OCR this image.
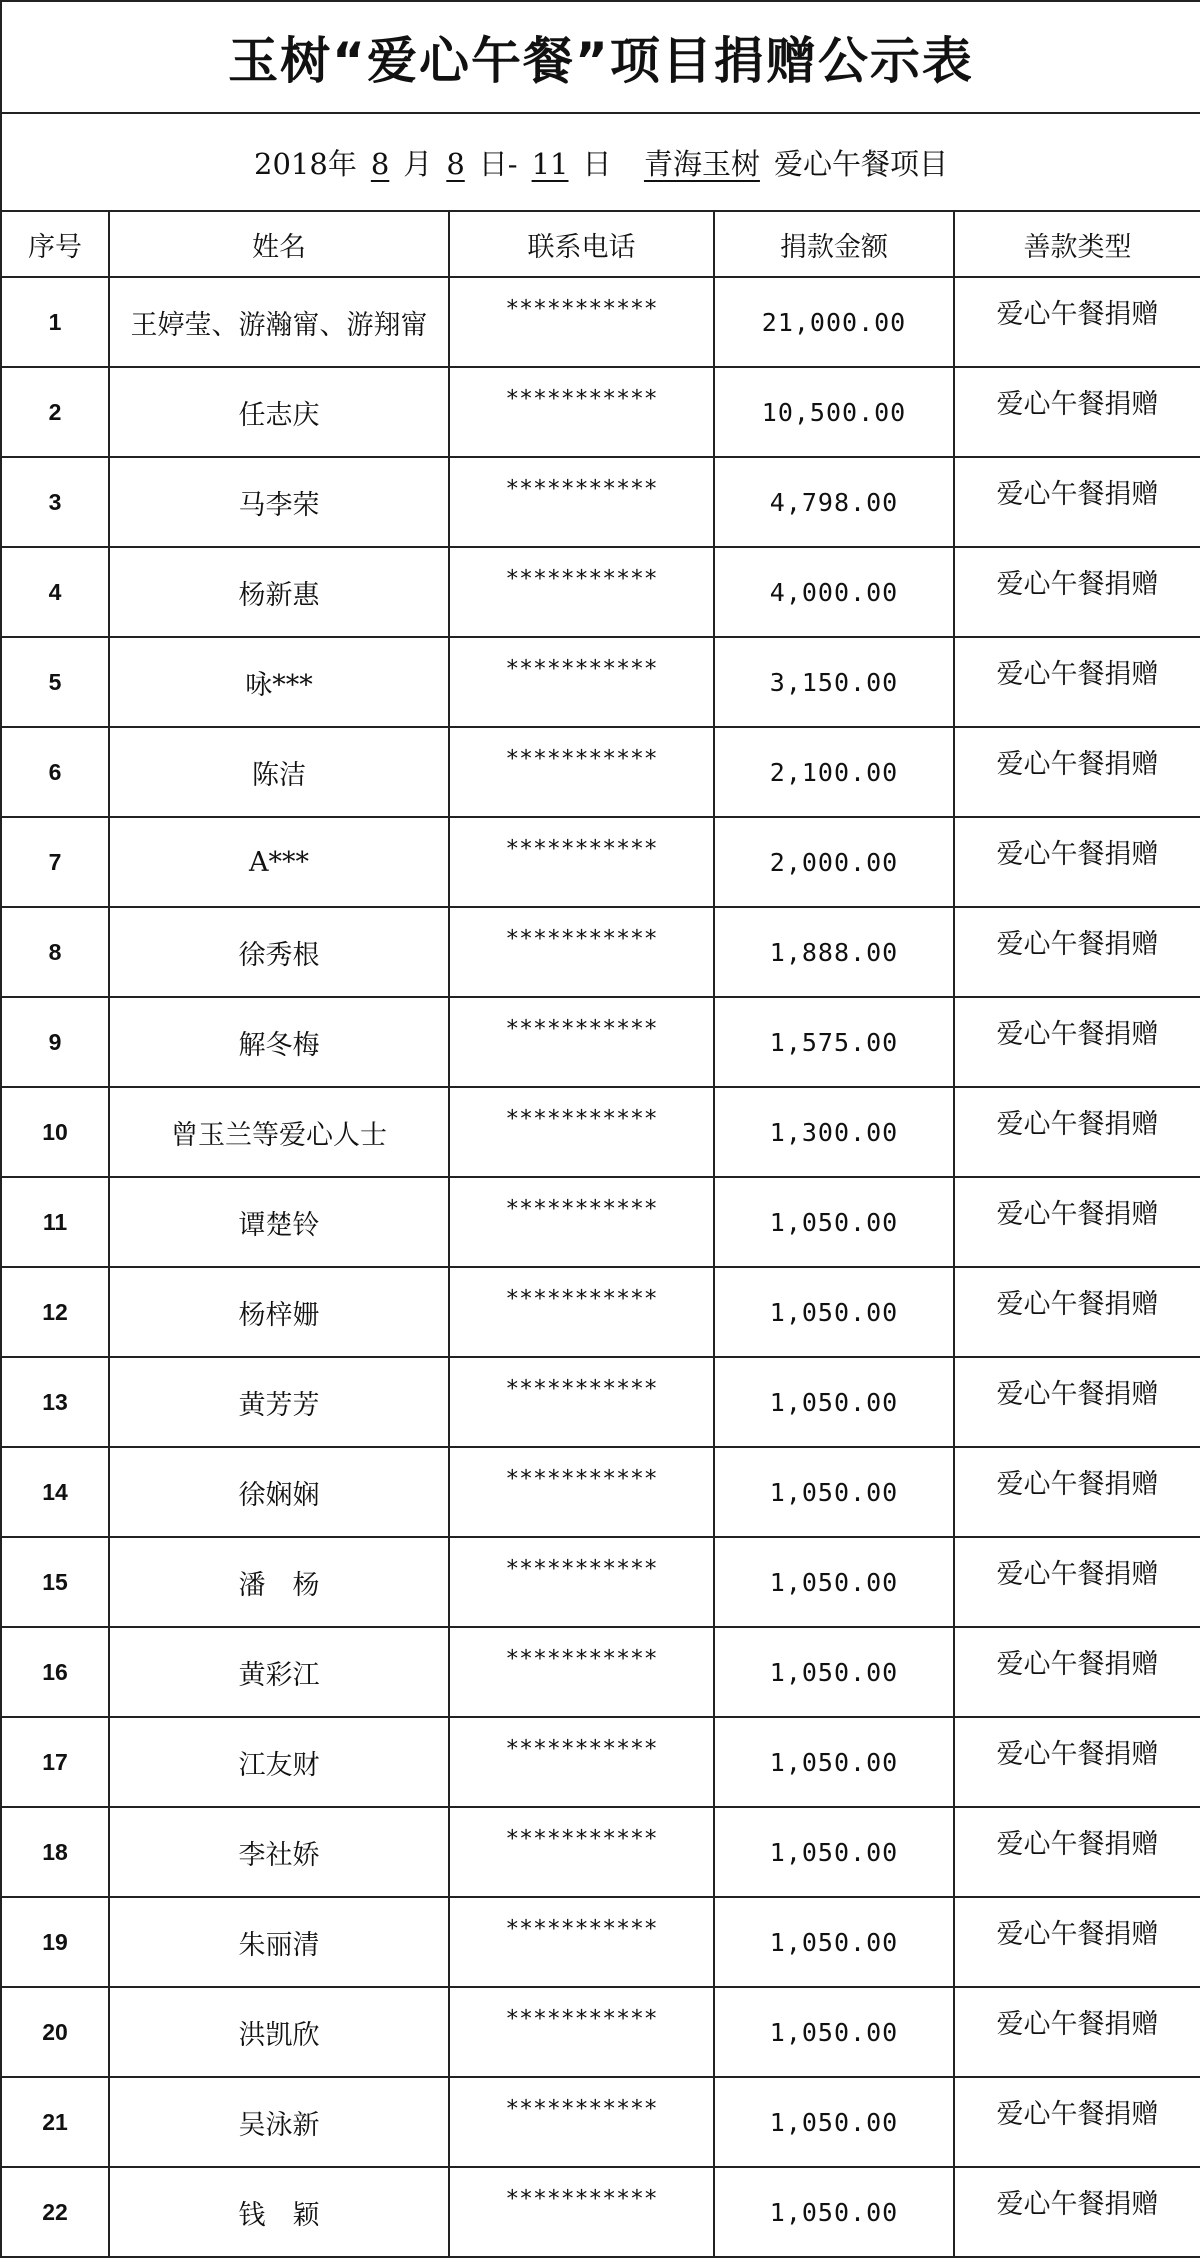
玉树“爱心午餐”项目捐赠公示表				
2018年 8 月 8 日- 11 日 青海玉树 爱心午餐项目				
序号	姓名	联系电话	捐款金额	善款类型
1	王婷莹、游瀚甯、游翔甯	***********	21,000.00	爱心午餐捐赠
2	任志庆	***********	10,500.00	爱心午餐捐赠
3	马李荣	***********	4,798.00	爱心午餐捐赠
4	杨新惠	***********	4,000.00	爱心午餐捐赠
5	咏***	***********	3,150.00	爱心午餐捐赠
6	陈洁	***********	2,100.00	爱心午餐捐赠
7	A***	***********	2,000.00	爱心午餐捐赠
8	徐秀根	***********	1,888.00	爱心午餐捐赠
9	解冬梅	***********	1,575.00	爱心午餐捐赠
10	曾玉兰等爱心人士	***********	1,300.00	爱心午餐捐赠
11	谭楚铃	***********	1,050.00	爱心午餐捐赠
12	杨梓姗	***********	1,050.00	爱心午餐捐赠
13	黄芳芳	***********	1,050.00	爱心午餐捐赠
14	徐娴娴	***********	1,050.00	爱心午餐捐赠
15	潘　杨	***********	1,050.00	爱心午餐捐赠
16	黄彩江	***********	1,050.00	爱心午餐捐赠
17	江友财	***********	1,050.00	爱心午餐捐赠
18	李社娇	***********	1,050.00	爱心午餐捐赠
19	朱丽清	***********	1,050.00	爱心午餐捐赠
20	洪凯欣	***********	1,050.00	爱心午餐捐赠
21	吴泳新	***********	1,050.00	爱心午餐捐赠
22	钱　颖	***********	1,050.00	爱心午餐捐赠
